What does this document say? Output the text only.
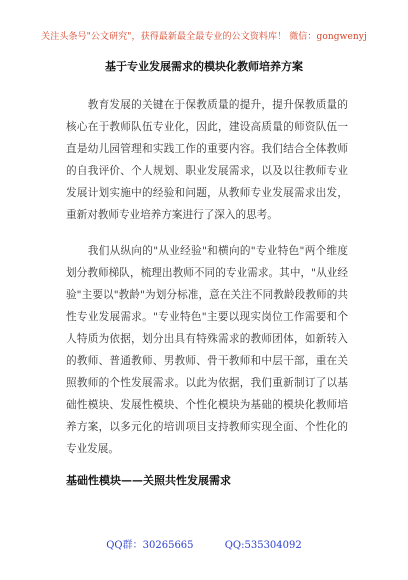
关注头条号"公文研究"，获得最新最全最专业的公文资料库！ 微信：gongwenyj
基于专业发展需求的模块化教师培养方案

　　教育发展的关键在于保教质量的提升，提升保教质量的核心在于教师队伍专业化，因此，建设高质量的师资队伍一直是幼儿园管理和实践工作的重要内容。我们结合全体教师的自我评价、个人规划、职业发展需求，以及以往教师专业发展计划实施中的经验和问题，从教师专业发展需求出发，重新对教师专业培养方案进行了深入的思考。

　　我们从纵向的"从业经验"和横向的"专业特色"两个维度划分教师梯队，梳理出教师不同的专业需求。其中，"从业经验"主要以"教龄"为划分标准，意在关注不同教龄段教师的共性专业发展需求。"专业特色"主要以现实岗位工作需要和个人特质为依据，划分出具有特殊需求的教师团体，如新转入的教师、普通教师、男教师、骨干教师和中层干部，重在关照教师的个性发展需求。以此为依据，我们重新制订了以基础性模块、发展性模块、个性化模块为基础的模块化教师培养方案，以多元化的培训项目支持教师实现全面、个性化的专业发展。

基础性模块——关照共性发展需求
QQ群：30265665	QQ:535304092
